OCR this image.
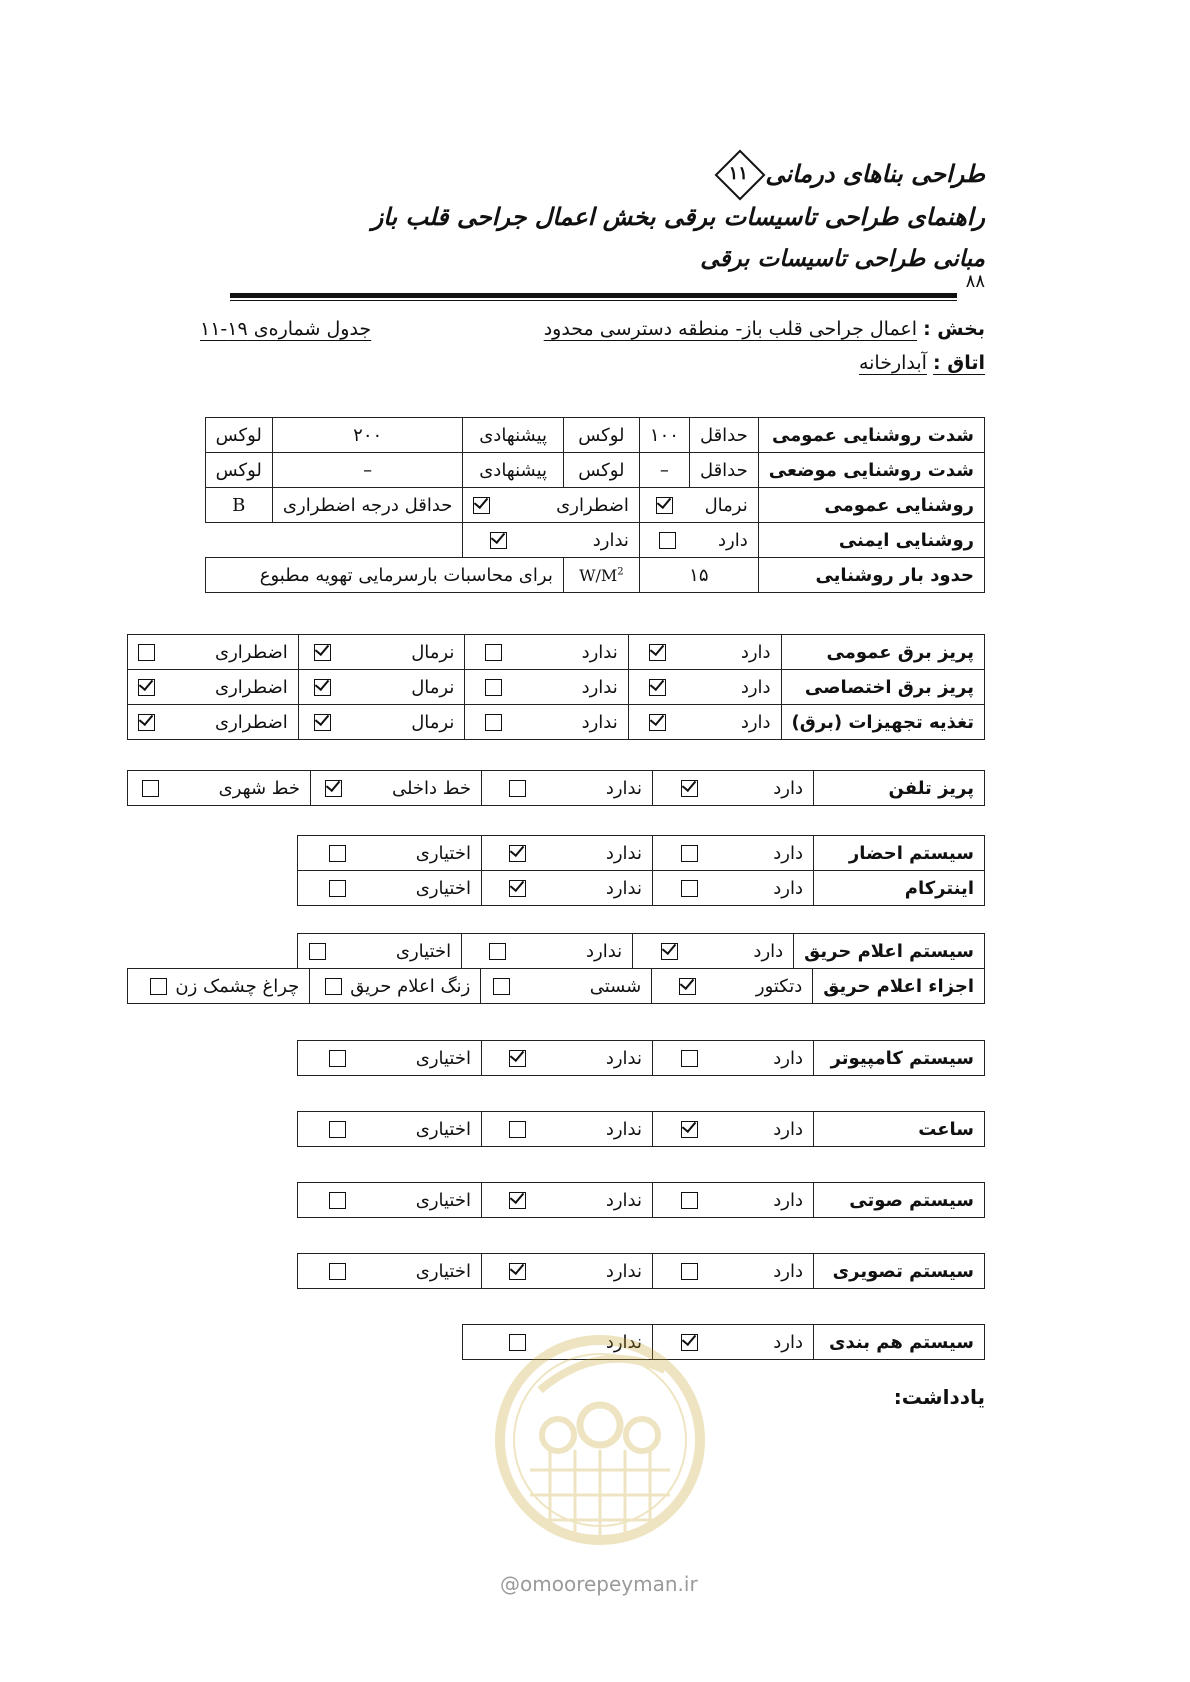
طراحی بناهای درمانی
۱۱
راهنمای طراحی تاسیسات برقی بخش اعمال جراحی قلب باز
مبانی طراحی تاسیسات برقی
۸۸
بخش : اعمال جراحی قلب باز- منطقه دسترسی محدود
جدول شماره‌ی ۱۹-۱۱
اتاق : آبدارخانه
شدت روشنایی عمومی	حداقل	۱۰۰	لوکس	پیشنهادی	۲۰۰	لوکس
شدت روشنایی موضعی	حداقل	–	لوکس	پیشنهادی	–	لوکس
روشنایی عمومی	نرمال		اضطراری		حداقل درجه اضطراری	B
روشنایی ایمنی	دارد		ندارد			
حدود بار روشنایی	۱۵		$W/M^2$	برای محاسبات بارسرمایی تهویه مطبوع		
پریز برق عمومی	دارد	ندارد	نرمال	اضطراری
پریز برق اختصاصی	دارد	ندارد	نرمال	اضطراری
تغذیه تجهیزات (برق)	دارد	ندارد	نرمال	اضطراری
پریز تلفن	دارد	ندارد	خط داخلی	خط شهری
سیستم احضار	دارد	ندارد	اختیاری
اینترکام	دارد	ندارد	اختیاری
سیستم اعلام حریق	دارد	ندارد	اختیاری
اجزاء اعلام حریق	دتکتور	شستی	زنگ اعلام حریق	چراغ چشمک زن
سیستم کامپیوتر	دارد	ندارد	اختیاری
ساعت	دارد	ندارد	اختیاری
سیستم صوتی	دارد	ندارد	اختیاری
سیستم تصویری	دارد	ندارد	اختیاری
سیستم هم بندی	دارد	ندارد
یادداشت:
@omoorepeyman.ir
